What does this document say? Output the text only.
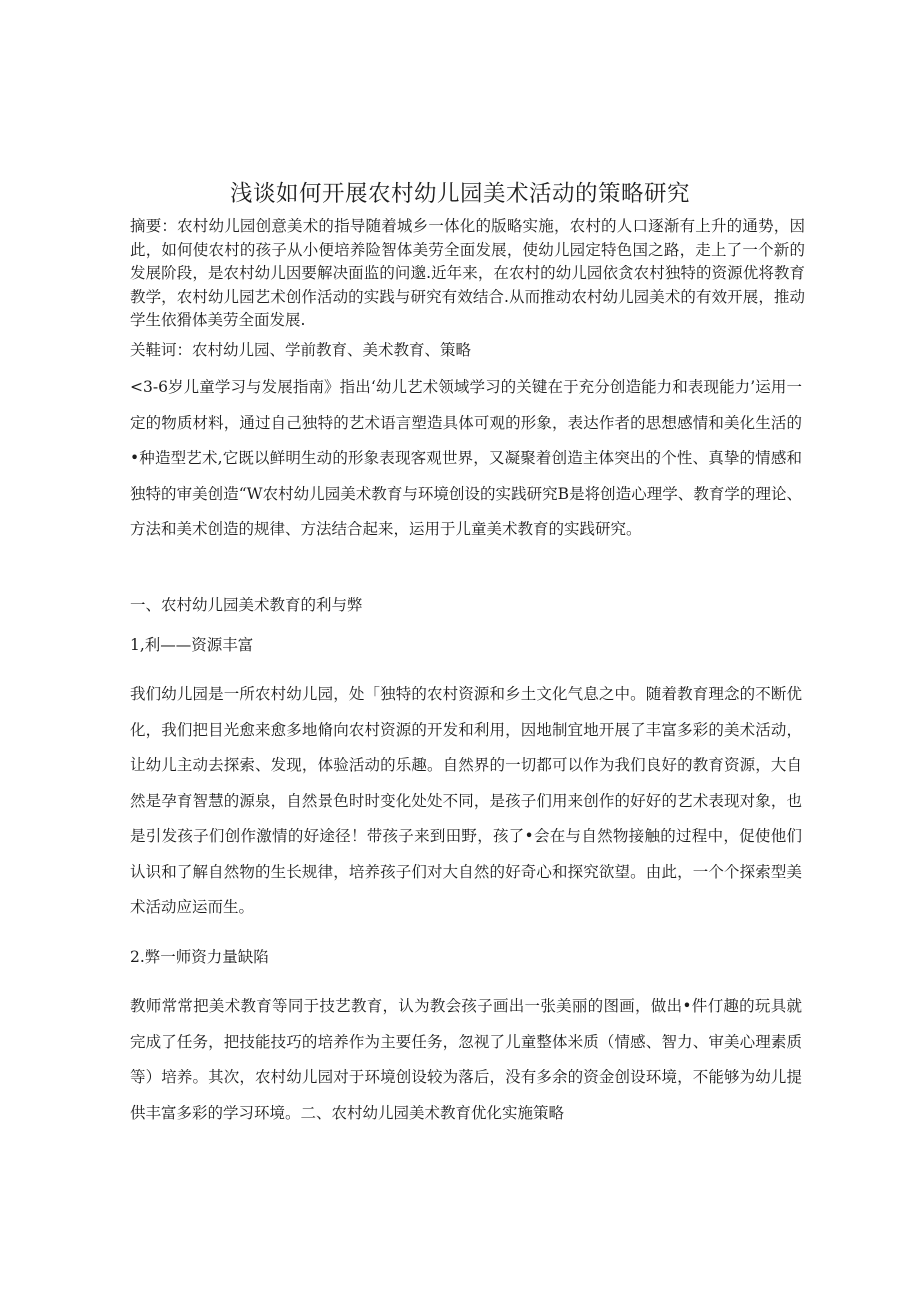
浅谈如何开展农村幼儿园美术活动的策略研究

摘要：农村幼儿园创意美术的指导随着城乡一体化的版略实施，农村的人口逐渐有上升的通势，因此，如何使农村的孩子从小便培养险智体美劳全面发展，使幼儿园定特色国之路，走上了一个新的发展阶段，是农村幼儿因要解决面监的问邈.近年来，在农村的幼儿园依贪农村独特的资源优将教育教学，农村幼儿园艺术创作活动的实践与研究有效结合.从而推动农村幼儿园美术的有效开展，推动学生依猾体美劳全面发展.

关鞋诃：农村幼儿园、学前教育、美术教育、策略

<3-6岁儿童学习与发展指南》指出‘幼儿艺术领域学习的关键在于充分创造能力和表现能力’运用一定的物质材料，通过自己独特的艺术语言塑造具体可观的形象，表达作者的思想感情和美化生活的•种造型艺术,它既以鲜明生动的形象表现客观世界，又凝聚着创造主体突出的个性、真挚的情感和独特的审美创造“W农村幼儿园美术教育与环境创设的实践研究B是将创造心理学、教育学的理论、方法和美术创造的规律、方法结合起来，运用于儿童美术教育的实践研究。

一、农村幼儿园美术教育的利与弊

1,利——资源丰富

我们幼儿园是一所农村幼儿园，处「独特的农村资源和乡土文化气息之中。随着教育理念的不断优化，我们把目光愈来愈多地脩向农村资源的开发和利用，因地制宜地开展了丰富多彩的美术活动，让幼儿主动去探索、发现，体验活动的乐趣。自然界的一切都可以作为我们良好的教育资源，大自然是孕育智慧的源泉，自然景色时时变化处处不同，是孩子们用来创作的好好的艺术表现对象，也是引发孩子们创作激情的好途径！带孩子来到田野，孩了•会在与自然物接触的过程中，促使他们认识和了解自然物的生长规律，培养孩子们对大自然的好奇心和探究欲望。由此，一个个探索型美术活动应运而生。

2.弊一师资力量缺陷

教师常常把美术教育等同于技艺教育，认为教会孩子画出一张美丽的图画，做出•件仃趣的玩具就完成了任务，把技能技巧的培养作为主要任务，忽视了儿童整体米质（情感、智力、审美心理素质等）培养。其次，农村幼儿园对于环境创设较为落后，没有多余的资金创设环境，不能够为幼儿提供丰富多彩的学习环境。二、农村幼儿园美术教育优化实施策略
